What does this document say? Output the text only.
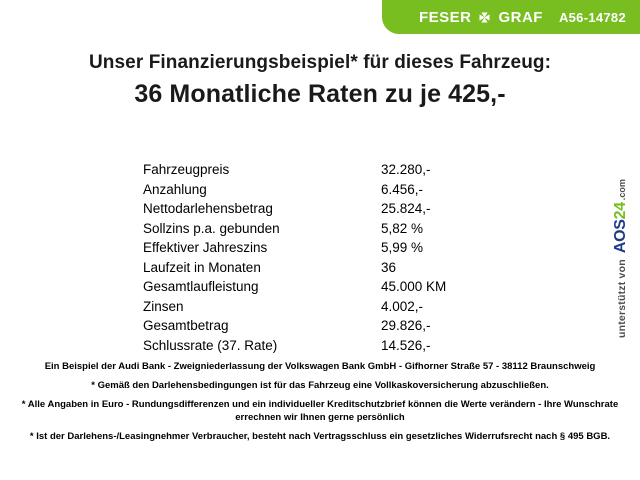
FESER GRAF A56-14782
Unser Finanzierungsbeispiel* für dieses Fahrzeug:
36 Monatliche Raten zu je 425,-
Fahrzeugpreis	32.280,-
Anzahlung	6.456,-
Nettodarlehensbetrag	25.824,-
Sollzins p.a. gebunden	5,82 %
Effektiver Jahreszins	5,99 %
Laufzeit in Monaten	36
Gesamtlaufleistung	45.000 KM
Zinsen	4.002,-
Gesamtbetrag	29.826,-
Schlussrate (37. Rate)	14.526,-

Ein Beispiel der Audi Bank - Zweigniederlassung der Volkswagen Bank GmbH - Gifhorner Straße 57 - 38112 Braunschweig

* Gemäß den Darlehensbedingungen ist für das Fahrzeug eine Vollkaskoversicherung abzuschließen.

* Alle Angaben in Euro - Rundungsdifferenzen und ein individueller Kreditschutzbrief können die Werte verändern - Ihre Wunschrate errechnen wir Ihnen gerne persönlich

* Ist der Darlehens-/Leasingnehmer Verbraucher, besteht nach Vertragsschluss ein gesetzliches Widerrufsrecht nach § 495 BGB.

unterstützt von
AOS24
.com
